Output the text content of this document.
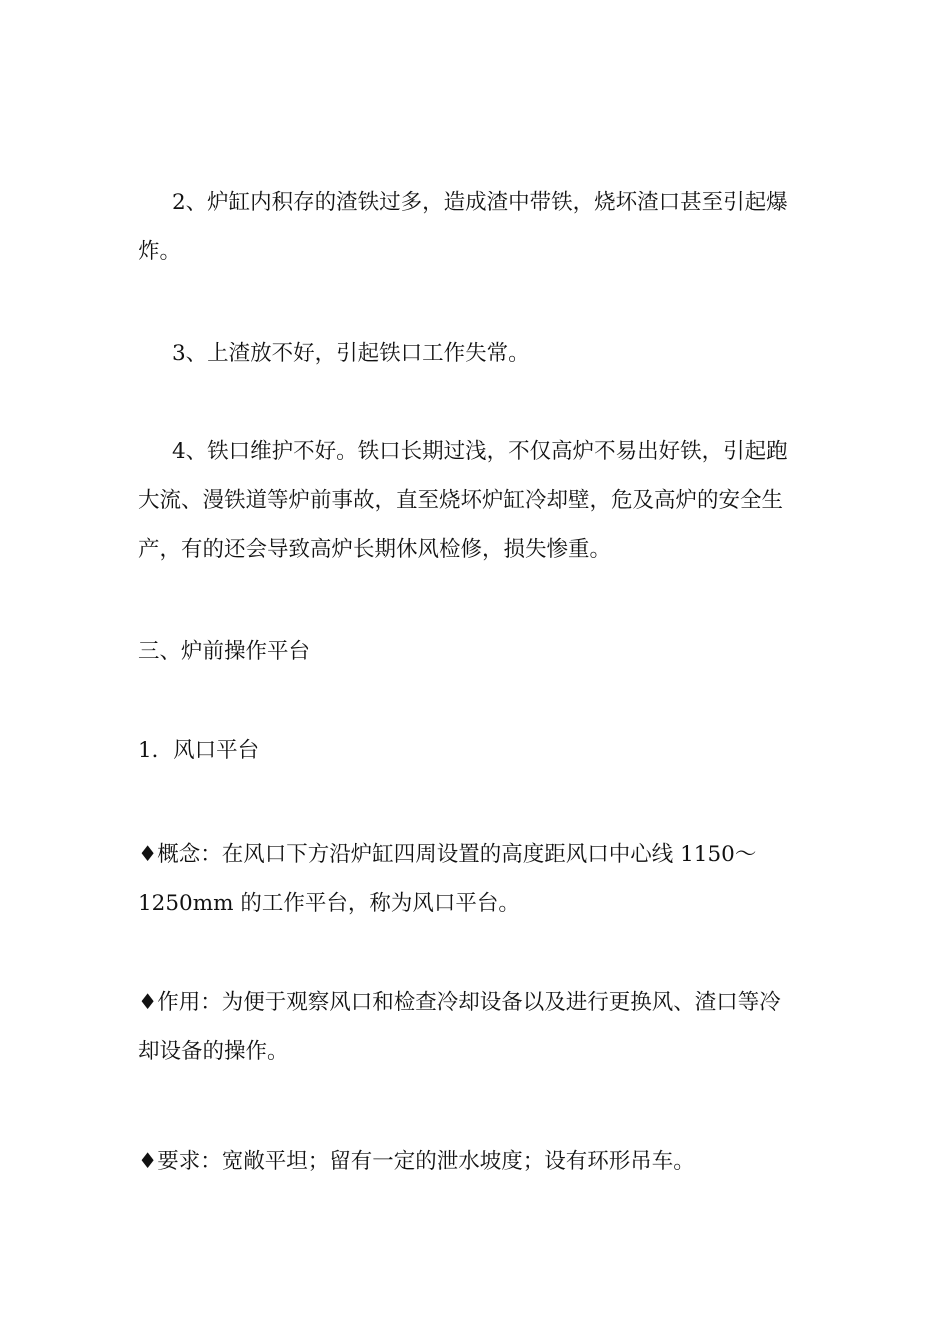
2、炉缸内积存的渣铁过多，造成渣中带铁，烧坏渣口甚至引起爆
炸。

3、上渣放不好，引起铁口工作失常。

4、铁口维护不好。铁口长期过浅，不仅高炉不易出好铁，引起跑
大流、漫铁道等炉前事故，直至烧坏炉缸冷却壁，危及高炉的安全生
产，有的还会导致高炉长期休风检修，损失惨重。

三、炉前操作平台

1．风口平台

♦概念：在风口下方沿炉缸四周设置的高度距风口中心线 1150～
1250mm 的工作平台，称为风口平台。

♦作用：为便于观察风口和检查冷却设备以及进行更换风、渣口等冷
却设备的操作。

♦要求：宽敞平坦；留有一定的泄水坡度；设有环形吊车。
